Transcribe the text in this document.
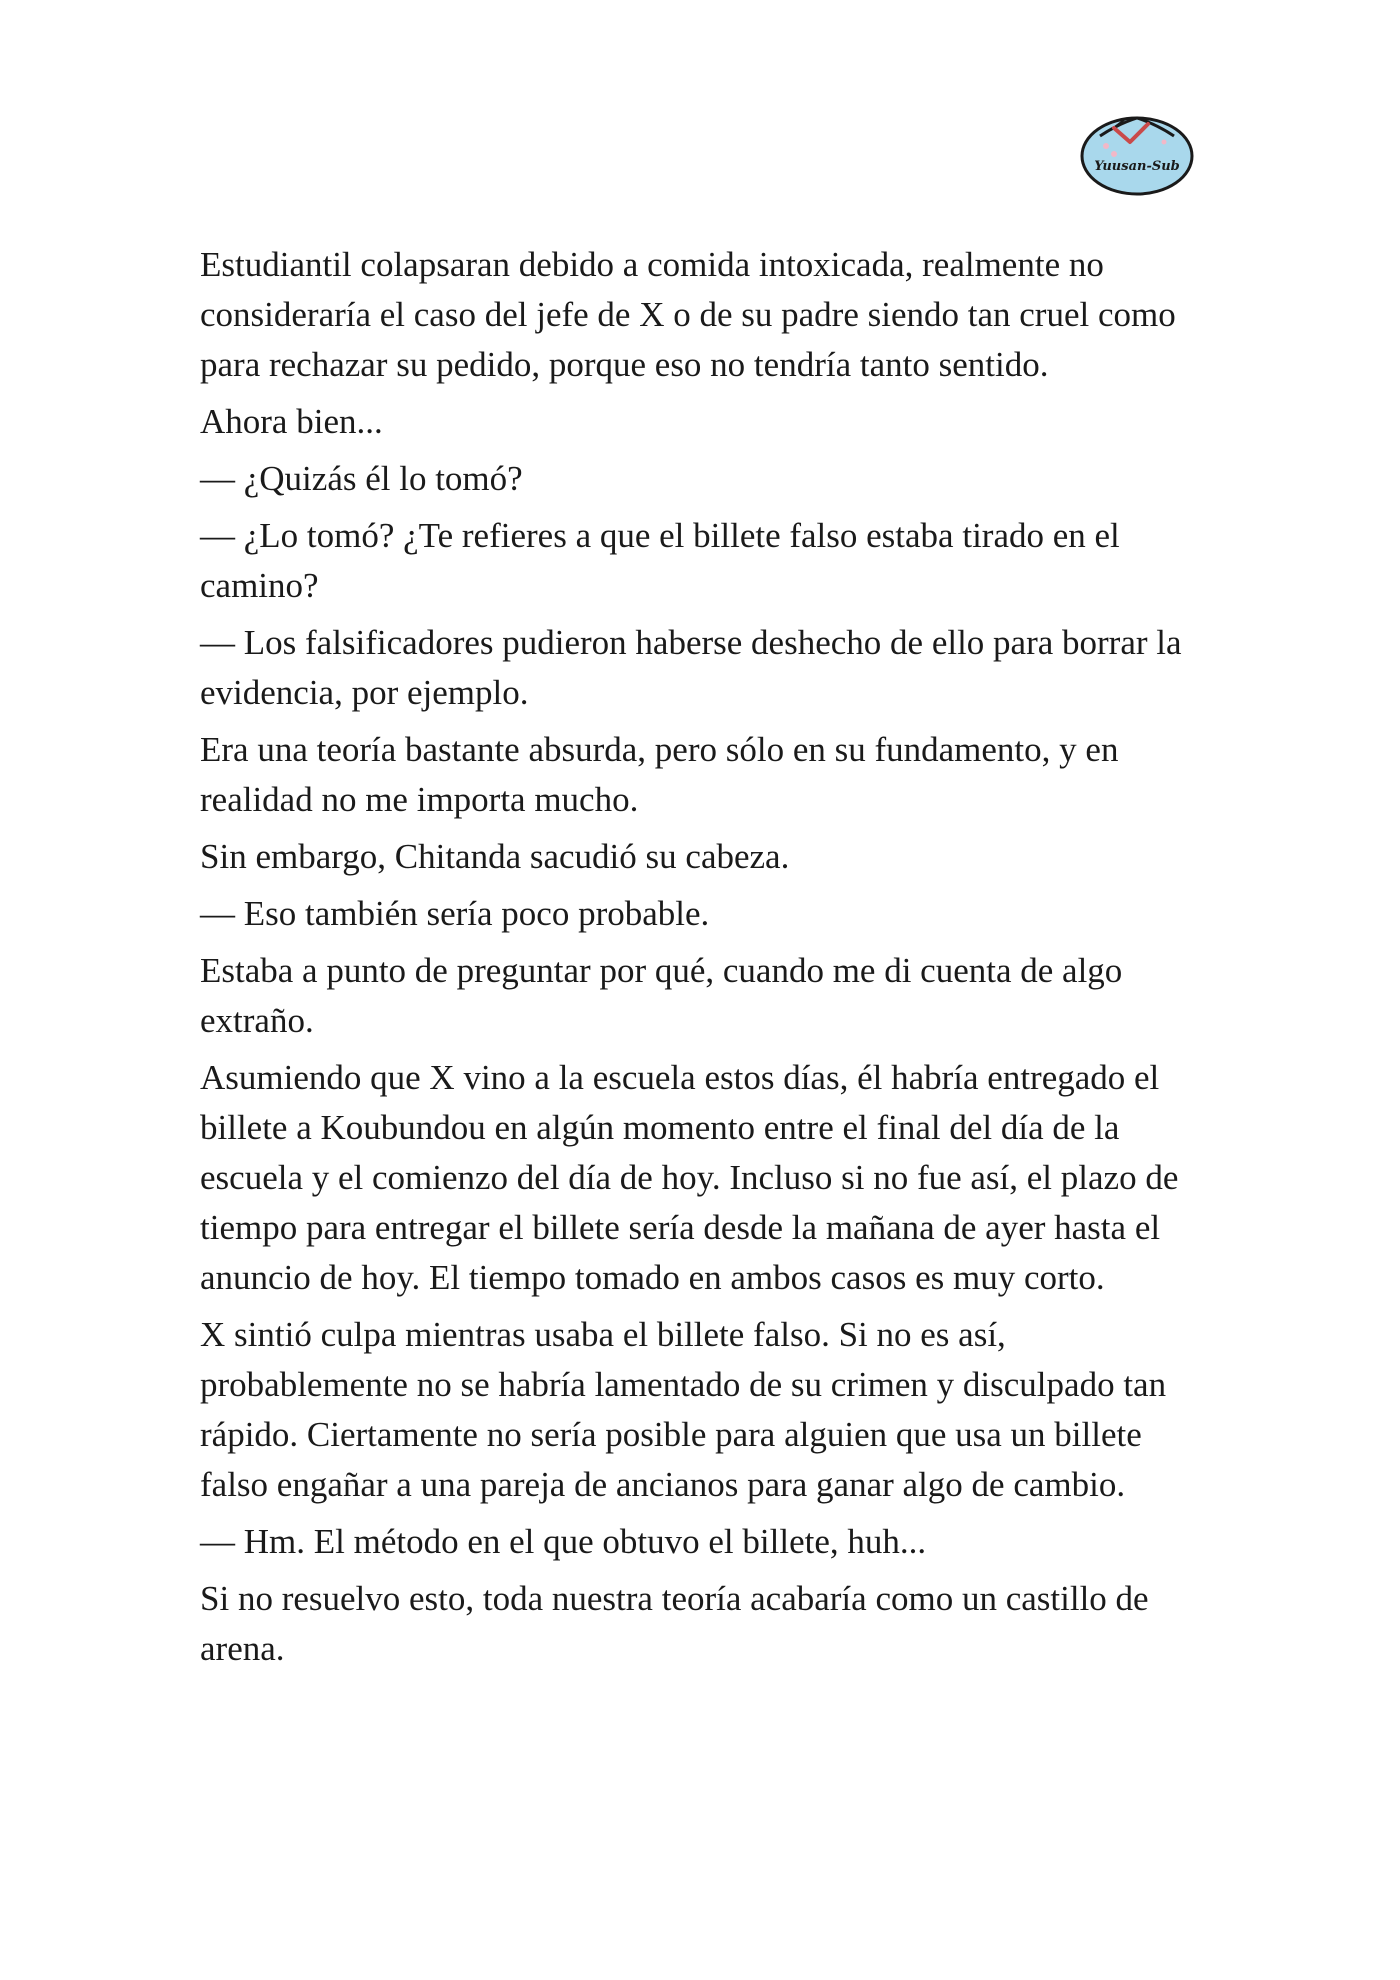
Yuusan-Sub

Estudiantil colapsaran debido a comida intoxicada, realmente no consideraría el caso del jefe de X o de su padre siendo tan cruel como para rechazar su pedido, porque eso no tendría tanto sentido.

Ahora bien...

— ¿Quizás él lo tomó?

— ¿Lo tomó? ¿Te refieres a que el billete falso estaba tirado en el camino?

— Los falsificadores pudieron haberse deshecho de ello para borrar la evidencia, por ejemplo.

Era una teoría bastante absurda, pero sólo en su fundamento, y en realidad no me importa mucho.

Sin embargo, Chitanda sacudió su cabeza.

— Eso también sería poco probable.

Estaba a punto de preguntar por qué, cuando me di cuenta de algo extraño.

Asumiendo que X vino a la escuela estos días, él habría entregado el billete a Koubundou en algún momento entre el final del día de la escuela y el comienzo del día de hoy. Incluso si no fue así, el plazo de tiempo para entregar el billete sería desde la mañana de ayer hasta el anuncio de hoy. El tiempo tomado en ambos casos es muy corto.

X sintió culpa mientras usaba el billete falso. Si no es así, probablemente no se habría lamentado de su crimen y disculpado tan rápido. Ciertamente no sería posible para alguien que usa un billete falso engañar a una pareja de ancianos para ganar algo de cambio.

— Hm. El método en el que obtuvo el billete, huh...

Si no resuelvo esto, toda nuestra teoría acabaría como un castillo de arena.
